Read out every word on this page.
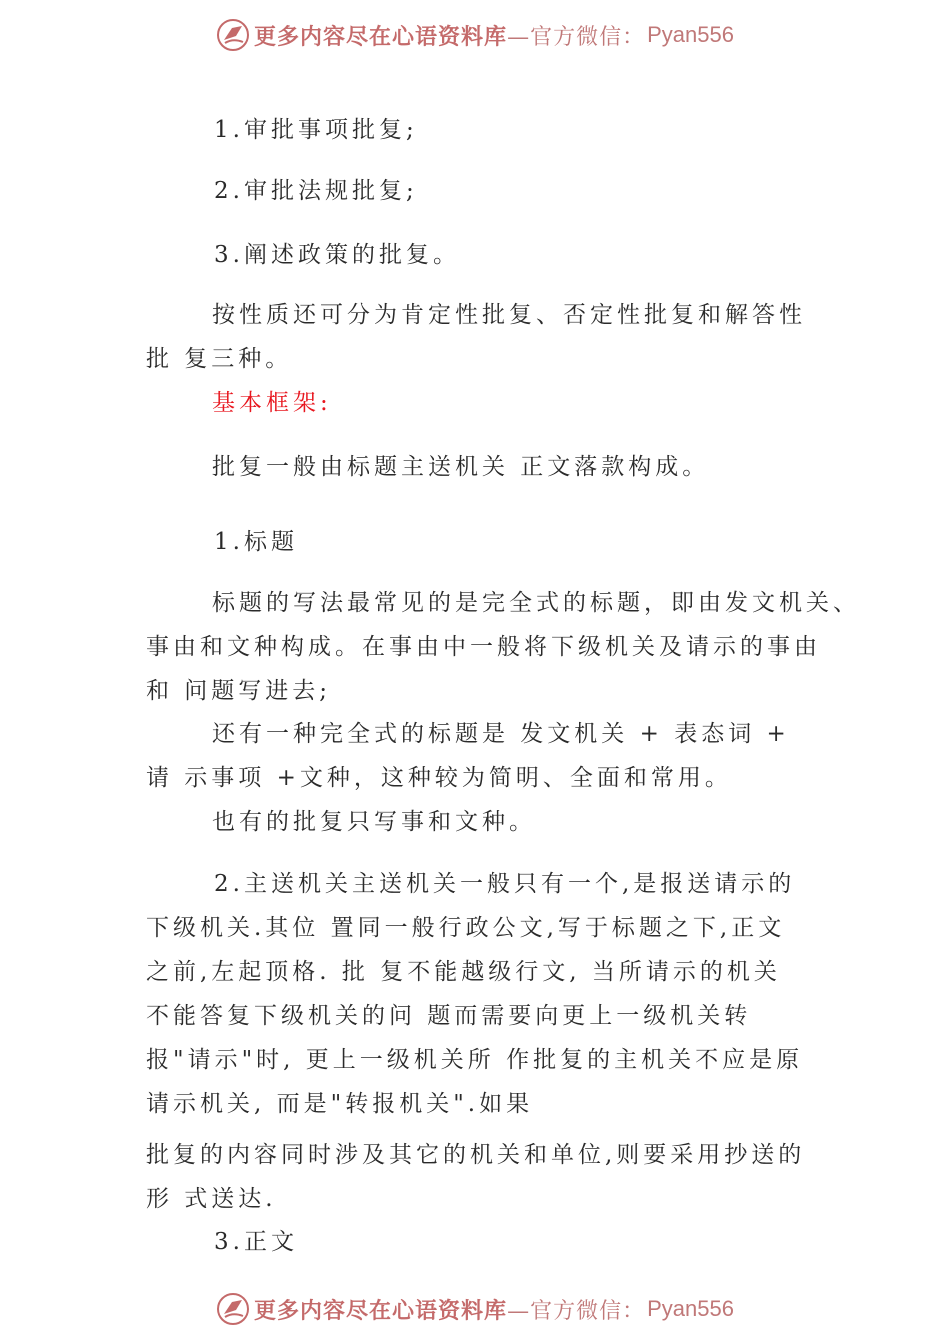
更多内容尽在心语资料库 —官方微信： Pyan556
1.审批事项批复;
2.审批法规批复;
3.阐述政策的批复。
按性质还可分为肯定性批复、否定性批复和解答性
批 复三种。
基本框架:
批复一般由标题主送机关 正文落款构成。
1.标题
标题的写法最常见的是完全式的标题，即由发文机关、
事由和文种构成。在事由中一般将下级机关及请示的事由
和 问题写进去;
还有一种完全式的标题是 发文机关 + 表态词 +
请 示事项 +文种，这种较为简明、全面和常用。
也有的批复只写事和文种。
2.主送机关主送机关一般只有一个,是报送请示的
下级机关.其位 置同一般行政公文,写于标题之下,正文
之前,左起顶格. 批 复不能越级行文, 当所请示的机关
不能答复下级机关的问 题而需要向更上一级机关转
报"请示"时, 更上一级机关所 作批复的主机关不应是原
请示机关, 而是"转报机关".如果
批复的内容同时涉及其它的机关和单位,则要采用抄送的
形 式送达.
3.正文
更多内容尽在心语资料库 —官方微信： Pyan556
